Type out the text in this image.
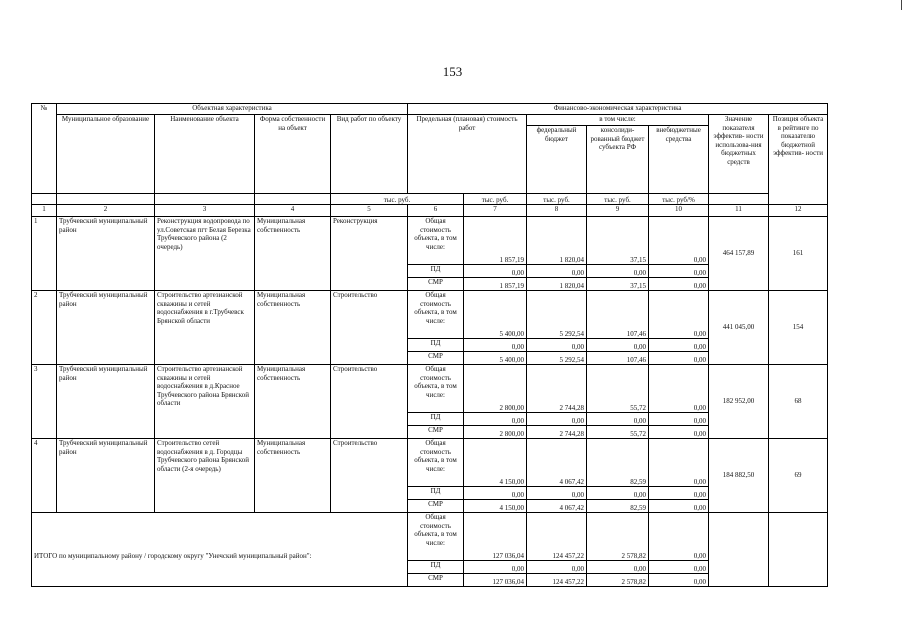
153
№	Объектная характеристика				Финансово-экономическая характеристика						
	Муниципальное образование	Наименование объекта	Форма собственности на объект	Вид работ по объекту	Предельная (плановая) стоимость работ		в том числе:			Значение показателя эффектив- ности использова-ния бюджетных средств	Позиция объекта в рейтинге по показателю бюджетной эффектив- ности
							федеральный бюджет	консолиди- рованный бюджет субъекта РФ	внебюджетные средства		
				тыс. руб.		тыс. руб.	тыс. руб.	тыс. руб.	тыс. руб/%		
1	2	3	4	5	6	7	8	9	10	11	12
1	Трубчевский муниципальный район	Реконструкция водопровода по ул.Советская пгт Белая Березка Трубчевского района (2 очередь)	Муниципальная собственность	Реконструкция	Общая стоимость объекта, в том числе:	1 857,19	1 820,04	37,15	0,00	464 157,89	161
					ПД	0,00	0,00	0,00	0,00		
					СМР	1 857,19	1 820,04	37,15	0,00		
2	Трубчевский муниципальный район	Строительство артезианской скважины и сетей водоснабжения в г.Трубчевск Брянской области	Муниципальная собственность	Строительство	Общая стоимость объекта, в том числе:	5 400,00	5 292,54	107,46	0,00	441 045,00	154
					ПД	0,00	0,00	0,00	0,00		
					СМР	5 400,00	5 292,54	107,46	0,00		
3	Трубчевский муниципальный район	Строительство артезианской скважины и сетей водоснабжения в д.Красное Трубчевского района Брянской области	Муниципальная собственность	Строительство	Общая стоимость объекта, в том числе:	2 800,00	2 744,28	55,72	0,00	182 952,00	68
					ПД	0,00	0,00	0,00	0,00		
					СМР	2 800,00	2 744,28	55,72	0,00		
4	Трубчевский муниципальный район	Строительство сетей водоснабжения в д. Городцы Трубчевского района Брянской области (2-я очередь)	Муниципальная собственность	Строительство	Общая стоимость объекта, в том числе:	4 150,00	4 067,42	82,59	0,00	184 882,50	69
					ПД	0,00	0,00	0,00	0,00		
					СМР	4 150,00	4 067,42	82,59	0,00		
ИТОГО по муниципальному району / городскому округу "Унечский муниципальный район":					Общая стоимость объекта, в том числе:	127 036,04	124 457,22	2 578,82	0,00		
					ПД	0,00	0,00	0,00	0,00		
					СМР	127 036,04	124 457,22	2 578,82	0,00		
